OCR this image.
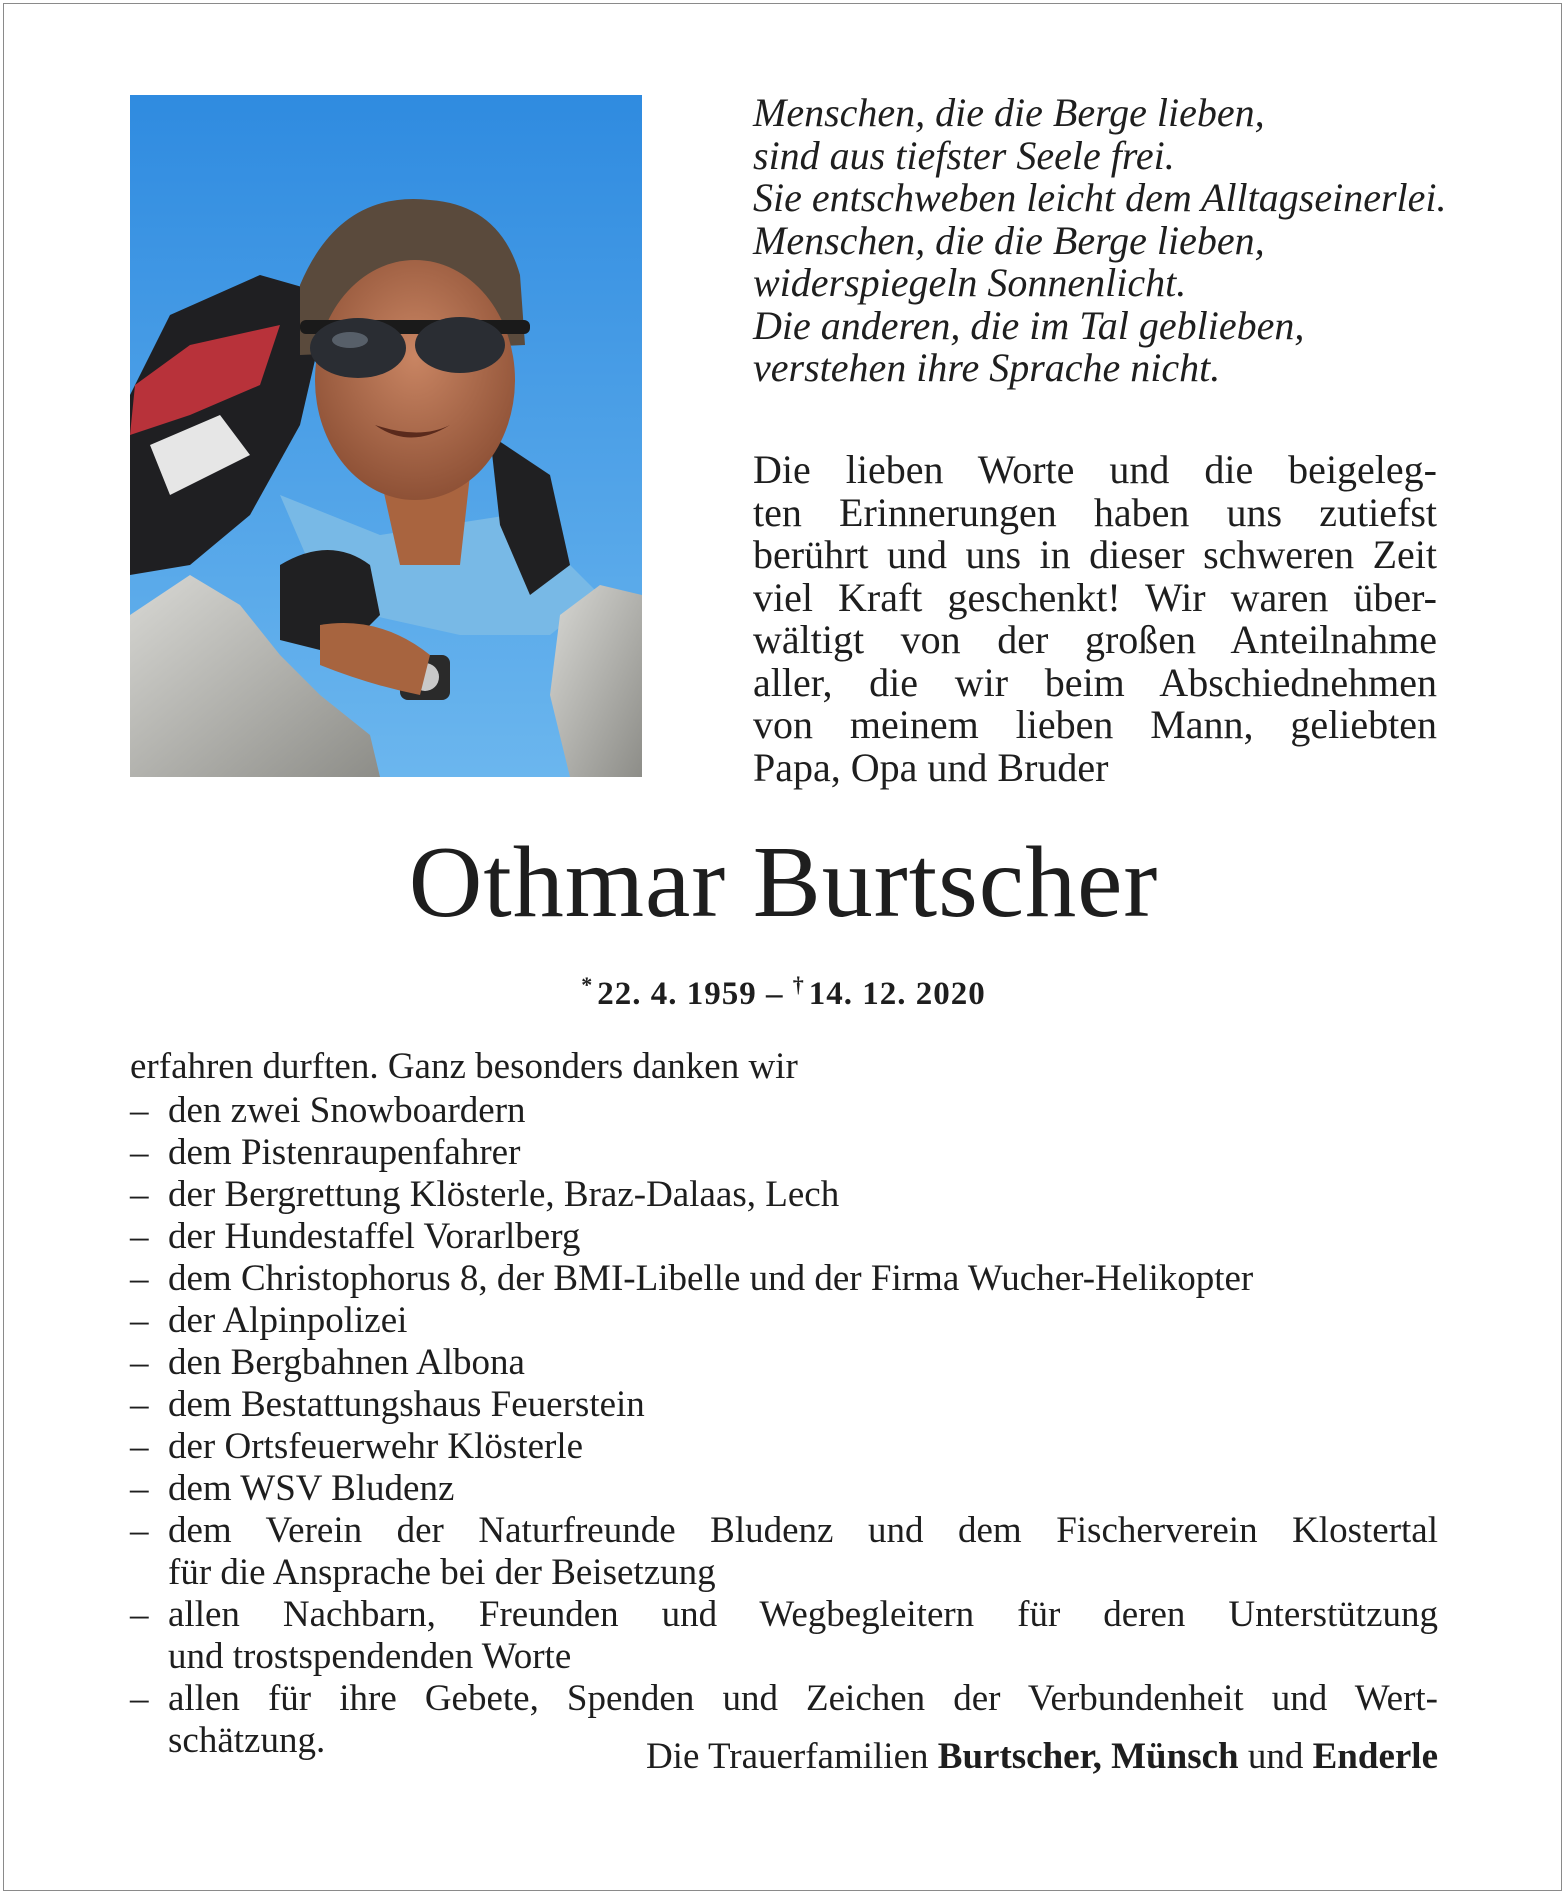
Menschen, die die Berge lieben,
sind aus tiefster Seele frei.
Sie entschweben leicht dem Alltagseinerlei.
Menschen, die die Berge lieben,
widerspiegeln Sonnenlicht.
Die anderen, die im Tal geblieben,
verstehen ihre Sprache nicht.
Die lieben Worte und die beigeleg-
ten Erinnerungen haben uns zutiefst
berührt und uns in dieser schweren Zeit
viel Kraft geschenkt! Wir waren über-
wältigt von der großen Anteilnahme
aller, die wir beim Abschiednehmen
von meinem lieben Mann, geliebten
Papa, Opa und Bruder
Othmar Burtscher
* 22. 4. 1959 – † 14. 12. 2020
erfahren durften. Ganz besonders danken wir
– den zwei Snowboardern
– dem Pistenraupenfahrer
– der Bergrettung Klösterle, Braz-Dalaas, Lech
– der Hundestaffel Vorarlberg
– dem Christophorus 8, der BMI-Libelle und der Firma Wucher-Helikopter
– der Alpinpolizei
– den Bergbahnen Albona
– dem Bestattungshaus Feuerstein
– der Ortsfeuerwehr Klösterle
– dem WSV Bludenz
– dem Verein der Naturfreunde Bludenz und dem Fischerverein Klostertal
für die Ansprache bei der Beisetzung
– allen Nachbarn, Freunden und Wegbegleitern für deren Unterstützung
und trostspendenden Worte
– allen für ihre Gebete, Spenden und Zeichen der Verbundenheit und Wert-
schätzung.	Die Trauerfamilien Burtscher, Münsch und Enderle
